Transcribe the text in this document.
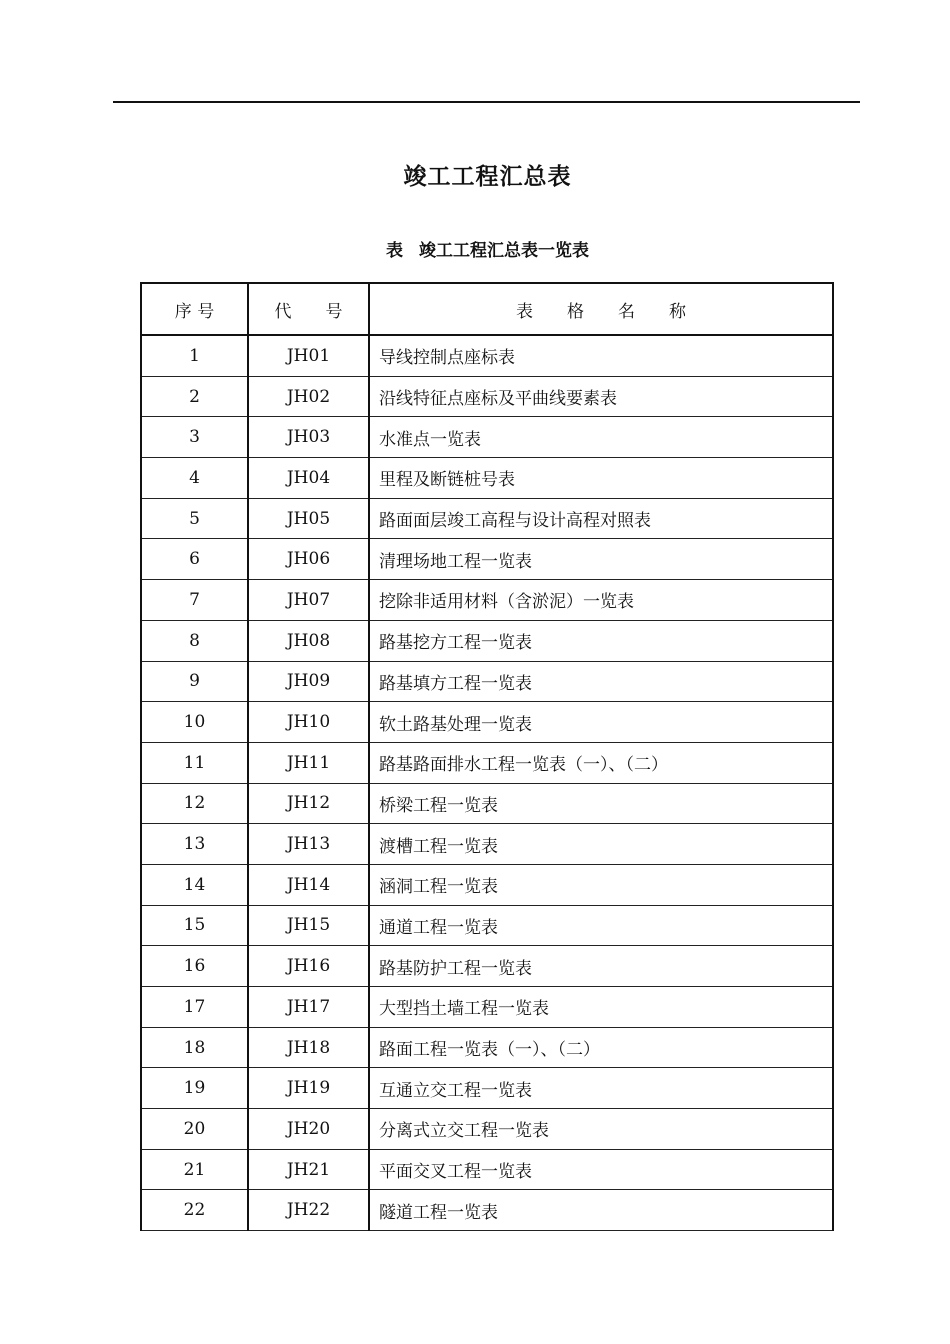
竣工工程汇总表
表 竣工工程汇总表一览表
序 号	代　　号	表　　格　　名　　称
1	JH01	导线控制点座标表
2	JH02	沿线特征点座标及平曲线要素表
3	JH03	水准点一览表
4	JH04	里程及断链桩号表
5	JH05	路面面层竣工高程与设计高程对照表
6	JH06	清理场地工程一览表
7	JH07	挖除非适用材料（含淤泥）一览表
8	JH08	路基挖方工程一览表
9	JH09	路基填方工程一览表
10	JH10	软土路基处理一览表
11	JH11	路基路面排水工程一览表（一）、（二）
12	JH12	桥梁工程一览表
13	JH13	渡槽工程一览表
14	JH14	涵洞工程一览表
15	JH15	通道工程一览表
16	JH16	路基防护工程一览表
17	JH17	大型挡土墙工程一览表
18	JH18	路面工程一览表（一）、（二）
19	JH19	互通立交工程一览表
20	JH20	分离式立交工程一览表
21	JH21	平面交叉工程一览表
22	JH22	隧道工程一览表
